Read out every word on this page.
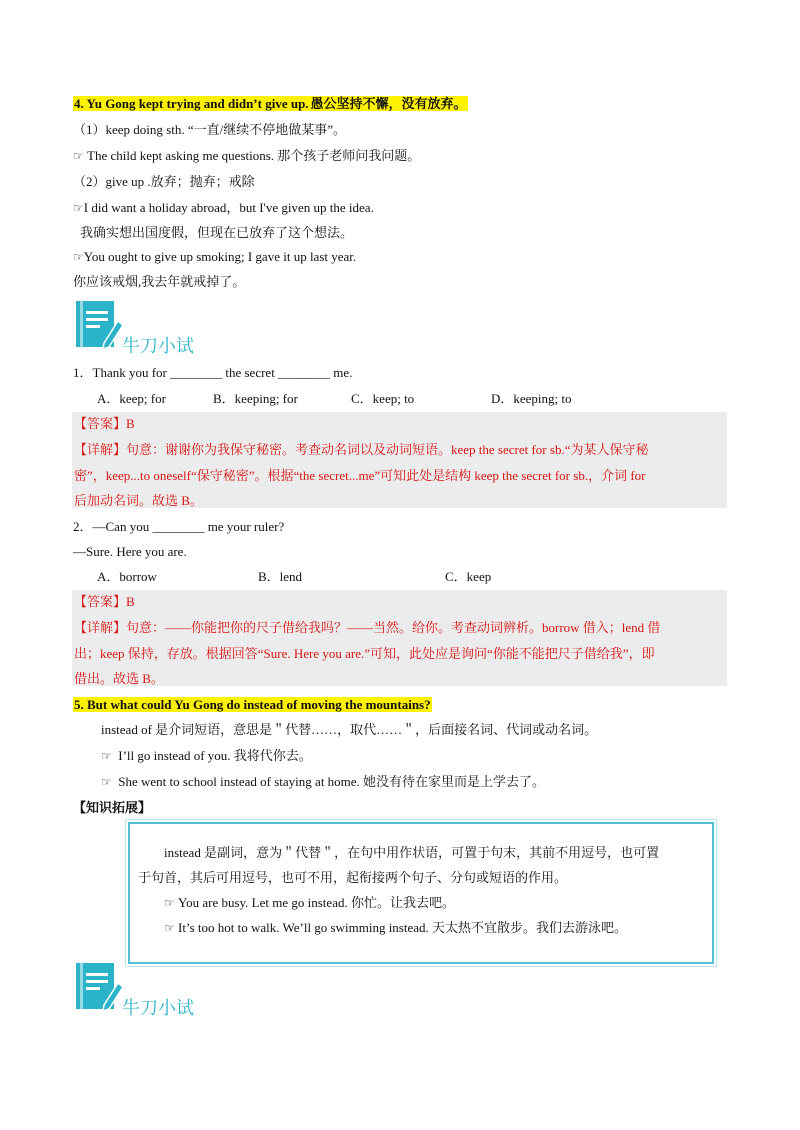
4. Yu Gong kept trying and didn’t give up. 愚公坚持不懈，没有放弃。
（1）keep doing sth. “一直/继续不停地做某事”。
☞ The child kept asking me questions. 那个孩子老师问我问题。
（2）give up .放弃；抛弃；戒除
☞I did want a holiday abroad，but I've given up the idea.
我确实想出国度假，但现在已放弃了这个想法。
☞You ought to give up smoking; I gave it up last year.
你应该戒烟,我去年就戒掉了。
牛刀小试
1．Thank you for ________ the secret ________ me.
A．keep; for	B．keeping; for	C．keep; to	D．keeping; to
【答案】B
【详解】句意：谢谢你为我保守秘密。考查动名词以及动词短语。keep the secret for sb.“为某人保守秘
密”，keep...to oneself“保守秘密”。根据“the secret...me”可知此处是结构 keep the secret for sb.，介词 for
后加动名词。故选 B。
2．—Can you ________ me your ruler?
—Sure. Here you are.
A．borrow	B．lend	C．keep
【答案】B
【详解】句意：——你能把你的尺子借给我吗？——当然。给你。考查动词辨析。borrow 借入；lend 借
出；keep 保持，存放。根据回答“Sure. Here you are.”可知，此处应是询问“你能不能把尺子借给我”，即
借出。故选 B。
5. But what could Yu Gong do instead of moving the mountains?
instead of 是介词短语，意思是＂代替……，取代……＂，后面接名词、代词或动名词。
☞ I’ll go instead of you. 我将代你去。
☞ She went to school instead of staying at home. 她没有待在家里而是上学去了。
【知识拓展】
instead 是副词，意为＂代替＂，在句中用作状语，可置于句末，其前不用逗号，也可置
于句首，其后可用逗号，也可不用，起衔接两个句子、分句或短语的作用。
☞ You are busy. Let me go instead. 你忙。让我去吧。
☞ It’s too hot to walk. We’ll go swimming instead. 天太热不宜散步。我们去游泳吧。
牛刀小试
